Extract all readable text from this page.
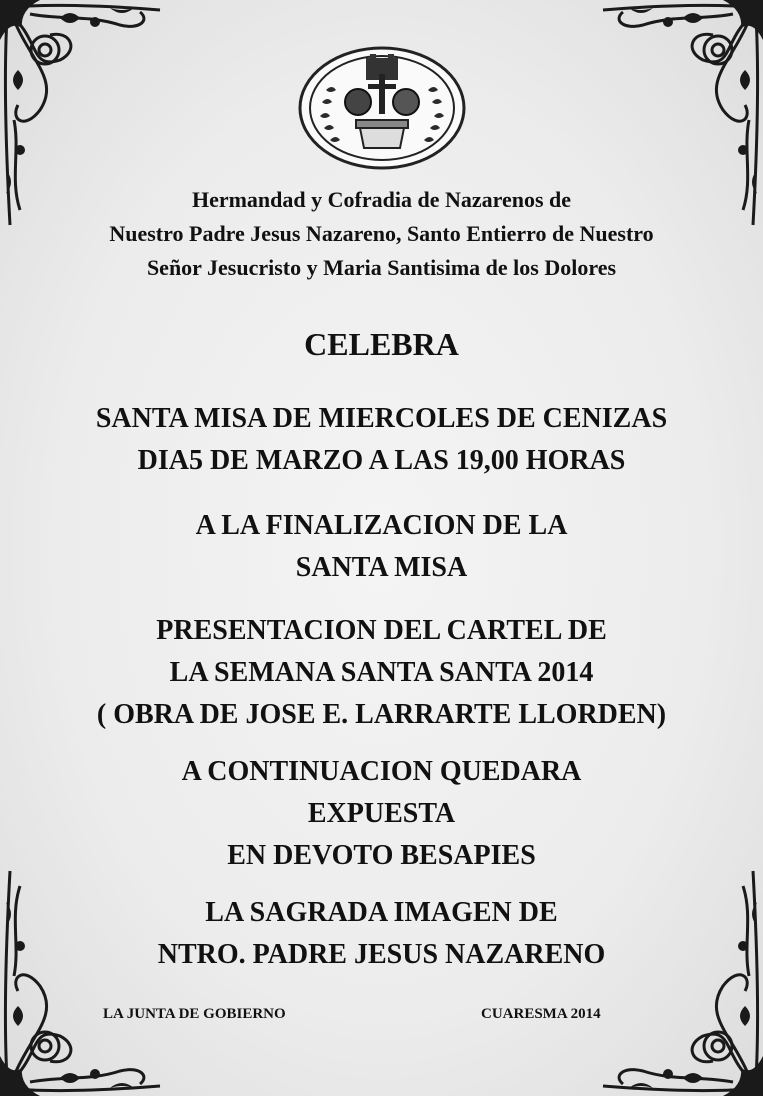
Hermandad y Cofradia de Nazarenos de
Nuestro Padre Jesus Nazareno, Santo Entierro de Nuestro
Señor Jesucristo y Maria Santisima de los Dolores
CELEBRA
SANTA MISA DE MIERCOLES DE CENIZAS
DIA5 DE MARZO A LAS 19,00 HORAS
A LA FINALIZACION DE LA
SANTA MISA
PRESENTACION DEL CARTEL DE
LA SEMANA SANTA SANTA 2014
( OBRA DE JOSE E. LARRARTE LLORDEN)
A CONTINUACION QUEDARA
EXPUESTA
EN DEVOTO BESAPIES
LA SAGRADA IMAGEN DE
NTRO. PADRE JESUS NAZARENO
LA JUNTA DE GOBIERNO	CUARESMA 2014
